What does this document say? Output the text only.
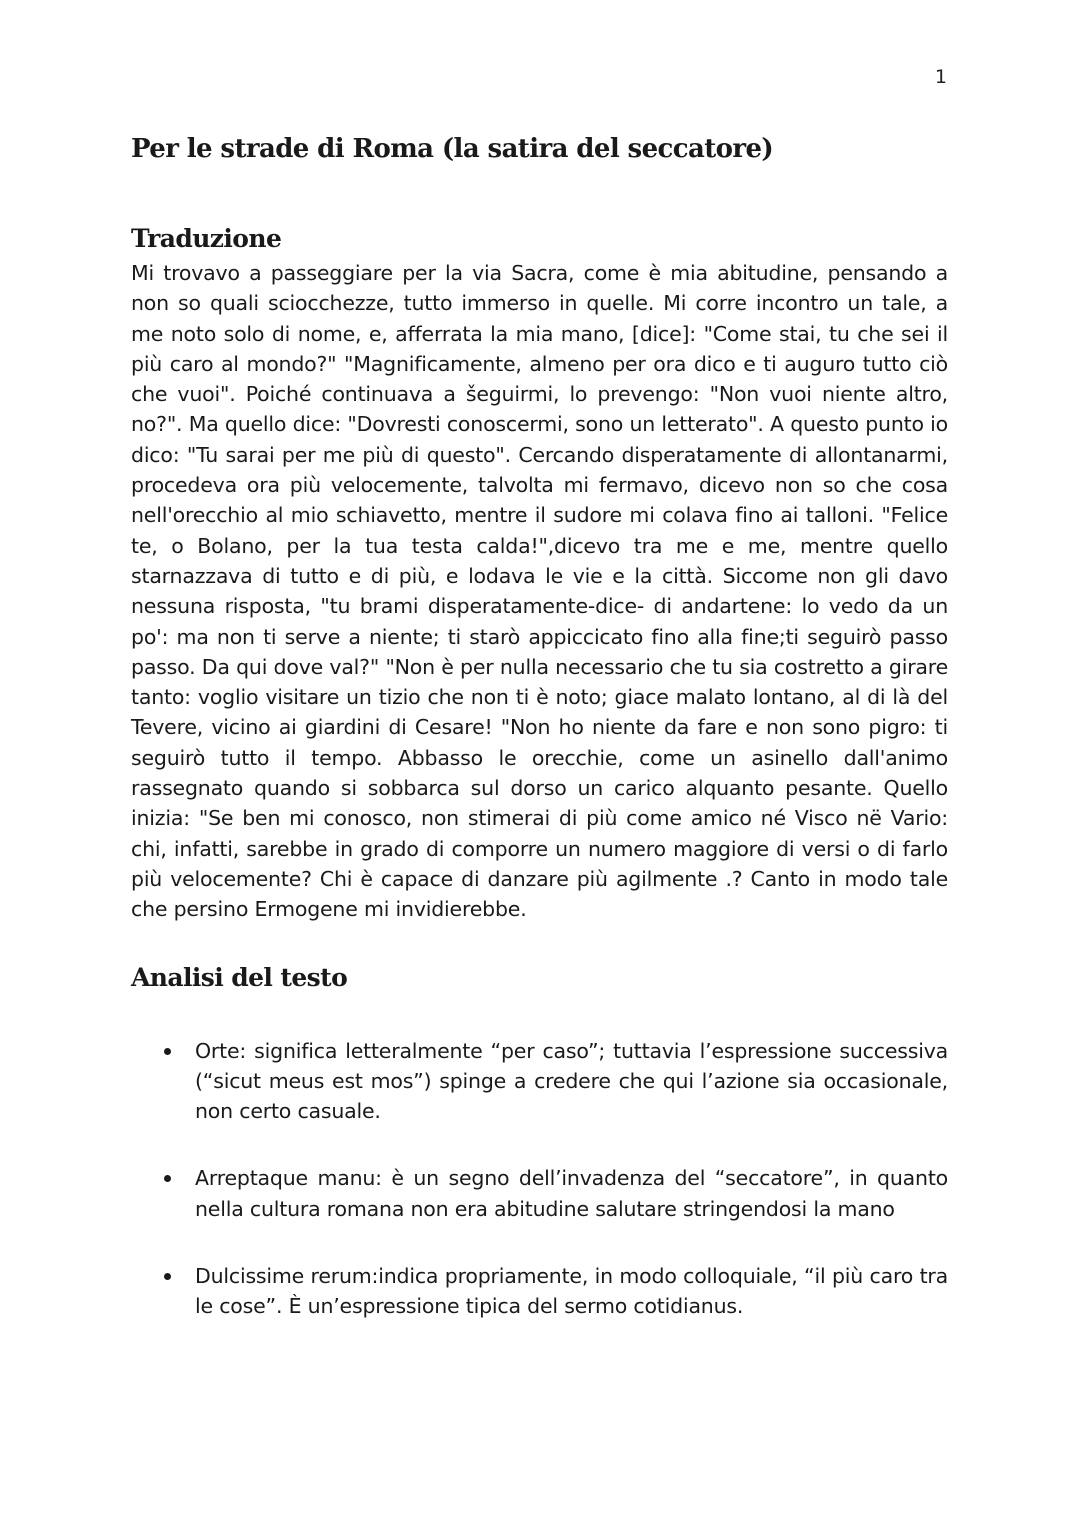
1
Per le strade di Roma (la satira del seccatore)
Traduzione

Mi trovavo a passeggiare per la via Sacra, come è mia abitudine, pensando a non so quali sciocchezze, tutto immerso in quelle. Mi corre incontro un tale, a me noto solo di nome, e, afferrata la mia mano, [dice]: "Come stai, tu che sei il più caro al mondo?" "Magnificamente, almeno per ora dico e ti auguro tutto ciò che vuoi". Poiché continuava a šeguirmi, lo prevengo: "Non vuoi niente altro, no?". Ma quello dice: "Dovresti conoscermi, sono un letterato". A questo punto io dico: "Tu sarai per me più di questo". Cercando disperatamente di allontanarmi, procedeva ora più velocemente, talvolta mi fermavo, dicevo non so che cosa nell'orecchio al mio schiavetto, mentre il sudore mi colava fino ai talloni. "Felice te, o Bolano, per la tua testa calda!",dicevo tra me e me, mentre quello starnazzava di tutto e di più, e lodava le vie e la città. Siccome non gli davo nessuna risposta, "tu brami disperatamente-dice- di andartene: lo vedo da un po': ma non ti serve a niente; ti starò appiccicato fino alla fine;ti seguirò passo passo. Da qui dove val?" "Non è per nulla necessario che tu sia costretto a girare tanto: voglio visitare un tizio che non ti è noto; giace malato lontano, al di là del Tevere, vicino ai giardini di Cesare! "Non ho niente da fare e non sono pigro: ti seguirò tutto il tempo. Abbasso le orecchie, come un asinello dall'animo rassegnato quando si sobbarca sul dorso un carico alquanto pesante. Quello inizia: "Se ben mi conosco, non stimerai di più come amico né Visco në Vario: chi, infatti, sarebbe in grado di comporre un numero maggiore di versi o di farlo più velocemente? Chi è capace di danzare più agilmente .? Canto in modo tale che persino Ermogene mi invidierebbe.

Analisi del testo

Orte: significa letteralmente “per caso”; tuttavia l’espressione successiva (“sicut meus est mos”) spinge a credere che qui l’azione sia occasionale, non certo casuale.

Arreptaque manu: è un segno dell’invadenza del “seccatore”, in quanto nella cultura romana non era abitudine salutare stringendosi la mano

Dulcissime rerum:indica propriamente, in modo colloquiale, “il più caro tra le cose”. È un’espressione tipica del sermo cotidianus.
